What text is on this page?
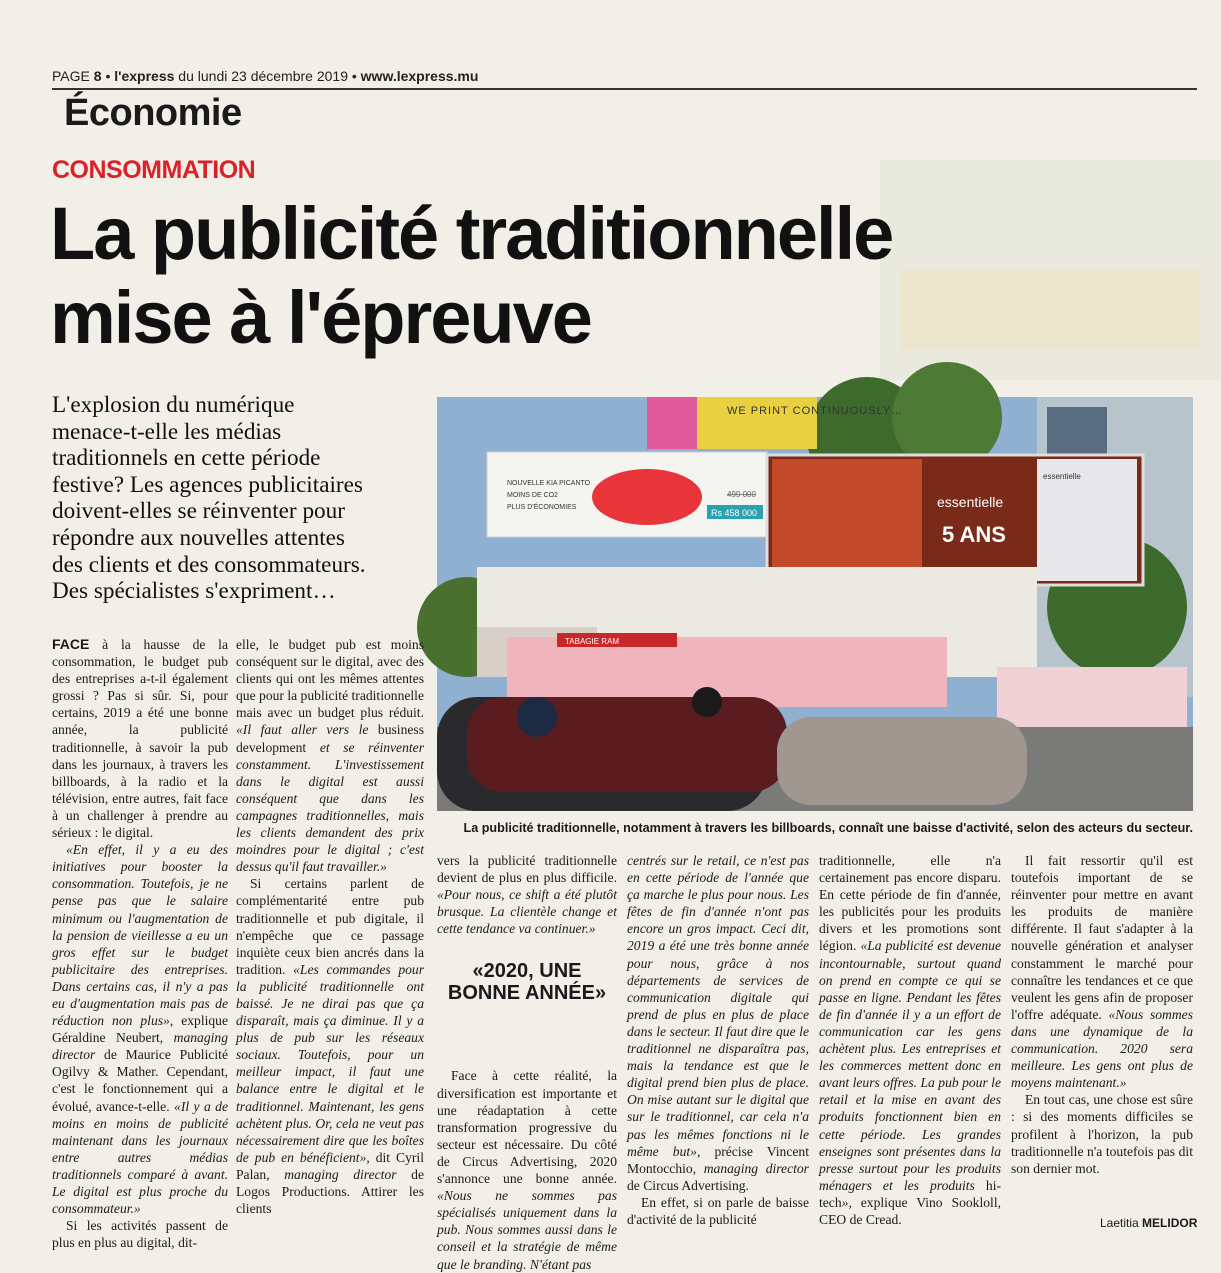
PAGE 8 • l'express du lundi 23 décembre 2019 • www.lexpress.mu
Économie
CONSOMMATION
La publicité traditionnelle
mise à l'épreuve
L'explosion du numérique
menace-t-elle les médias
traditionnels en cette période
festive? Les agences publicitaires
doivent-elles se réinventer pour
répondre aux nouvelles attentes
des clients et des consommateurs.
Des spécialistes s'expriment…
WE PRINT CONTINUOUSLY…
NOUVELLE KIA PICANTO
MOINS DE CO2
PLUS D'ÉCONOMIES
499 000
Rs 458 000
essentielle
5 ANS
essentielle
TABAGIE RAM
PHOTO D'ARCHIVES
La publicité traditionnelle, notamment à travers les billboards, connaît une baisse d'activité, selon des acteurs du secteur.

FACE à la hausse de la consommation, le budget pub des entreprises a-t-il également grossi ? Pas si sûr. Si, pour certains, 2019 a été une bonne année, la publicité traditionnelle, à savoir la pub dans les journaux, à travers les billboards, à la radio et la télévision, entre autres, fait face à un challenger à prendre au sérieux : le digital.

«En effet, il y a eu des initiatives pour booster la consommation. Toutefois, je ne pense pas que le salaire minimum ou l'augmentation de la pension de vieillesse a eu un gros effet sur le budget publicitaire des entreprises. Dans certains cas, il n'y a pas eu d'augmentation mais pas de réduction non plus», explique Géraldine Neubert, managing director de Maurice Publicité Ogilvy & Mather. Cependant, c'est le fonctionnement qui a évolué, avance-t-elle. «Il y a de moins en moins de publicité maintenant dans les journaux entre autres médias traditionnels comparé à avant. Le digital est plus proche du consommateur.»

Si les activités passent de plus en plus au digital, dit-

elle, le budget pub est moins conséquent sur le digital, avec des clients qui ont les mêmes attentes que pour la publicité traditionnelle mais avec un budget plus réduit. «Il faut aller vers le business development et se réinventer constamment. L'investissement dans le digital est aussi conséquent que dans les campagnes traditionnelles, mais les clients demandent des prix moindres pour le digital ; c'est dessus qu'il faut travailler.»

Si certains parlent de complémentarité entre pub traditionnelle et pub digitale, il n'empêche que ce passage inquiète ceux bien ancrés dans la tradition. «Les commandes pour la publicité traditionnelle ont baissé. Je ne dirai pas que ça disparaît, mais ça diminue. Il y a plus de pub sur les réseaux sociaux. Toutefois, pour un meilleur impact, il faut une balance entre le digital et le traditionnel. Maintenant, les gens achètent plus. Or, cela ne veut pas nécessairement dire que les boîtes de pub en bénéficient», dit Cyril Palan, managing director de Logos Productions. Attirer les clients

vers la publicité traditionnelle devient de plus en plus difficile. «Pour nous, ce shift a été plutôt brusque. La clientèle change et cette tendance va continuer.»

Face à cette réalité, la diversification est importante et une réadaptation à cette transformation progressive du secteur est nécessaire. Du côté de Circus Advertising, 2020 s'annonce une bonne année. «Nous ne sommes pas spécialisés uniquement dans la pub. Nous sommes aussi dans le conseil et la stratégie de même que le branding. N'étant pas

«2020, UNE BONNE ANNÉE»

centrés sur le retail, ce n'est pas en cette période de l'année que ça marche le plus pour nous. Les fêtes de fin d'année n'ont pas encore un gros impact. Ceci dit, 2019 a été une très bonne année pour nous, grâce à nos départements de services de communication digitale qui prend de plus en plus de place dans le secteur. Il faut dire que le traditionnel ne disparaîtra pas, mais la tendance est que le digital prend bien plus de place. On mise autant sur le digital que sur le traditionnel, car cela n'a pas les mêmes fonctions ni le même but», précise Vincent Montocchio, managing director de Circus Advertising.

En effet, si on parle de baisse d'activité de la publicité

traditionnelle, elle n'a certainement pas encore disparu. En cette période de fin d'année, les publicités pour les produits divers et les promotions sont légion. «La publicité est devenue incontournable, surtout quand on prend en compte ce qui se passe en ligne. Pendant les fêtes de fin d'année il y a un effort de communication car les gens achètent plus. Les entreprises et les commerces mettent donc en avant leurs offres. La pub pour le retail et la mise en avant des produits fonctionnent bien en cette période. Les grandes enseignes sont présentes dans la presse surtout pour les produits ménagers et les produits hi-tech», explique Vino Sookloll, CEO de Cread.

Il fait ressortir qu'il est toutefois important de se réinventer pour mettre en avant les produits de manière différente. Il faut s'adapter à la nouvelle génération et analyser constamment le marché pour connaître les tendances et ce que veulent les gens afin de proposer l'offre adéquate. «Nous sommes dans une dynamique de la communication. 2020 sera meilleure. Les gens ont plus de moyens maintenant.»

En tout cas, une chose est sûre : si des moments difficiles se profilent à l'horizon, la pub traditionnelle n'a toutefois pas dit son dernier mot.

Laetitia MELIDOR
